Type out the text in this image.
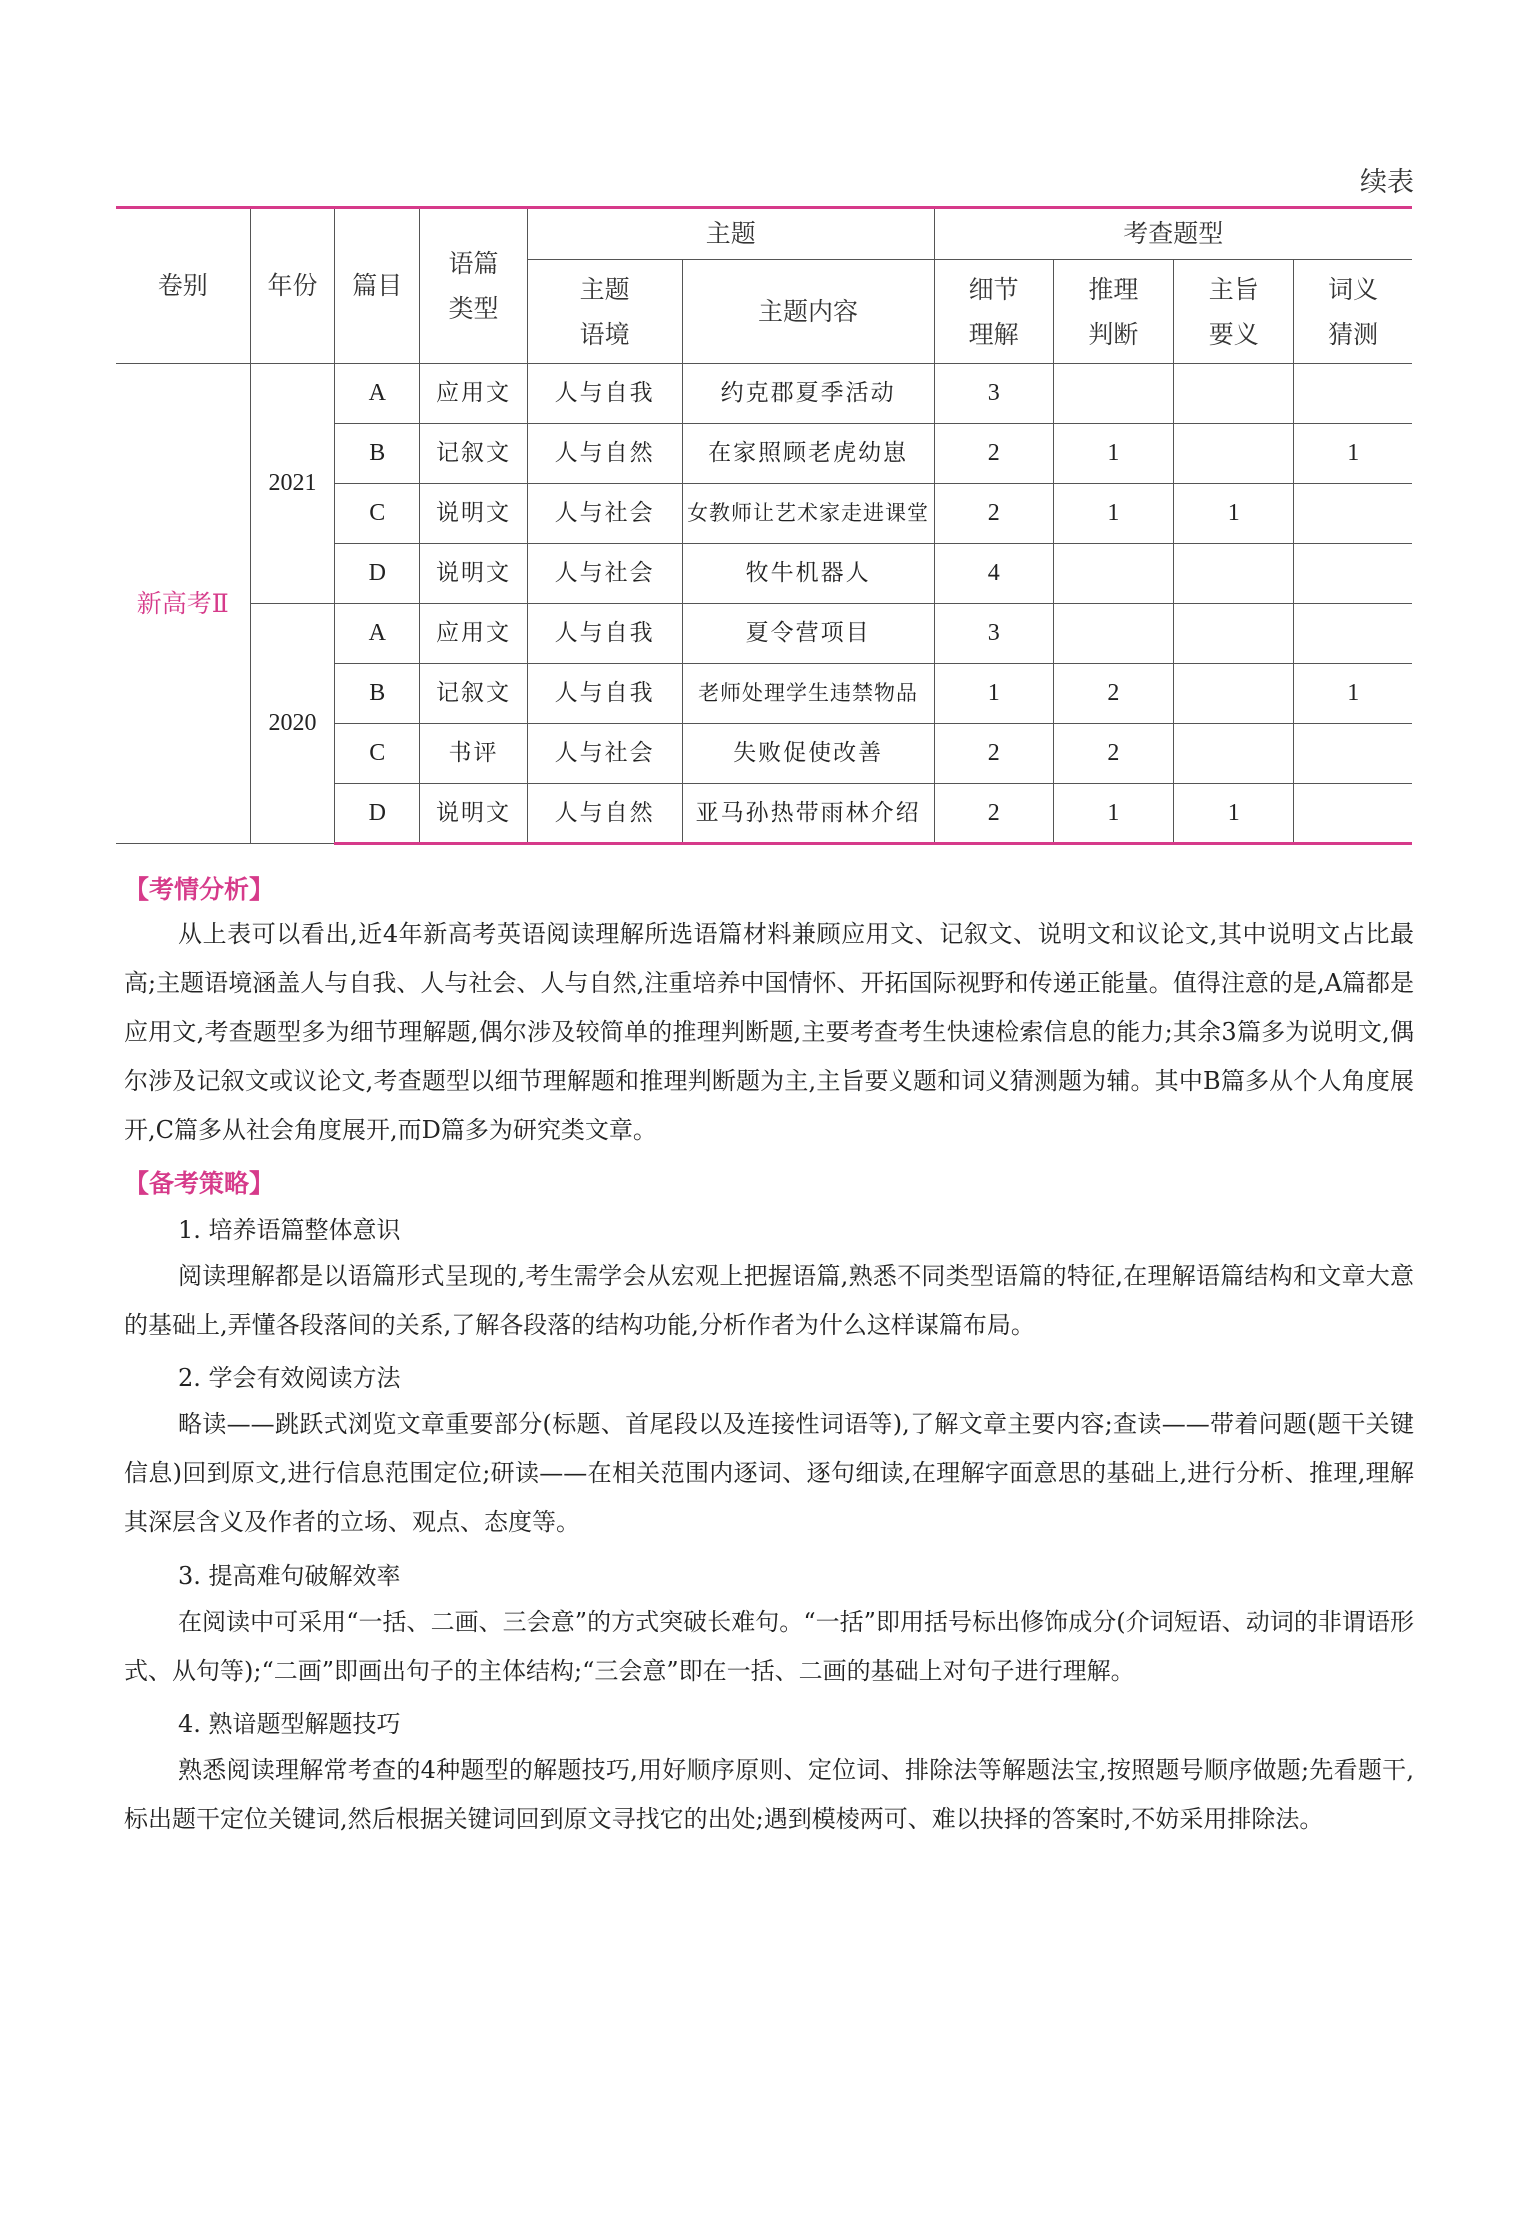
续表
卷别	年份	篇目	语篇类型	主题		考查题型			
				主题语境	主题内容	细节理解	推理判断	主旨要义	词义猜测
新高考Ⅱ	2021	A	应用文	人与自我	约克郡夏季活动	3			
		B	记叙文	人与自然	在家照顾老虎幼崽	2	1		1
		C	说明文	人与社会	女教师让艺术家走进课堂	2	1	1	
		D	说明文	人与社会	牧牛机器人	4			
	2020	A	应用文	人与自我	夏令营项目	3			
		B	记叙文	人与自我	老师处理学生违禁物品	1	2		1
		C	书评	人与社会	失败促使改善	2	2		
		D	说明文	人与自然	亚马孙热带雨林介绍	2	1	1	
【考情分析】

从上表可以看出,近4年新高考英语阅读理解所选语篇材料兼顾应用文、记叙文、说明文和议论文,其中说明文占比最高;主题语境涵盖人与自我、人与社会、人与自然,注重培养中国情怀、开拓国际视野和传递正能量。值得注意的是,A篇都是应用文,考查题型多为细节理解题,偶尔涉及较简单的推理判断题,主要考查考生快速检索信息的能力;其余3篇多为说明文,偶尔涉及记叙文或议论文,考查题型以细节理解题和推理判断题为主,主旨要义题和词义猜测题为辅。其中B篇多从个人角度展开,C篇多从社会角度展开,而D篇多为研究类文章。

【备考策略】
1. 培养语篇整体意识

阅读理解都是以语篇形式呈现的,考生需学会从宏观上把握语篇,熟悉不同类型语篇的特征,在理解语篇结构和文章大意的基础上,弄懂各段落间的关系,了解各段落的结构功能,分析作者为什么这样谋篇布局。

2. 学会有效阅读方法

略读——跳跃式浏览文章重要部分(标题、首尾段以及连接性词语等),了解文章主要内容;查读——带着问题(题干关键信息)回到原文,进行信息范围定位;研读——在相关范围内逐词、逐句细读,在理解字面意思的基础上,进行分析、推理,理解其深层含义及作者的立场、观点、态度等。

3. 提高难句破解效率

在阅读中可采用“一括、二画、三会意”的方式突破长难句。“一括”即用括号标出修饰成分(介词短语、动词的非谓语形式、从句等);“二画”即画出句子的主体结构;“三会意”即在一括、二画的基础上对句子进行理解。

4. 熟谙题型解题技巧

熟悉阅读理解常考查的4种题型的解题技巧,用好顺序原则、定位词、排除法等解题法宝,按照题号顺序做题;先看题干,标出题干定位关键词,然后根据关键词回到原文寻找它的出处;遇到模棱两可、难以抉择的答案时,不妨采用排除法。
